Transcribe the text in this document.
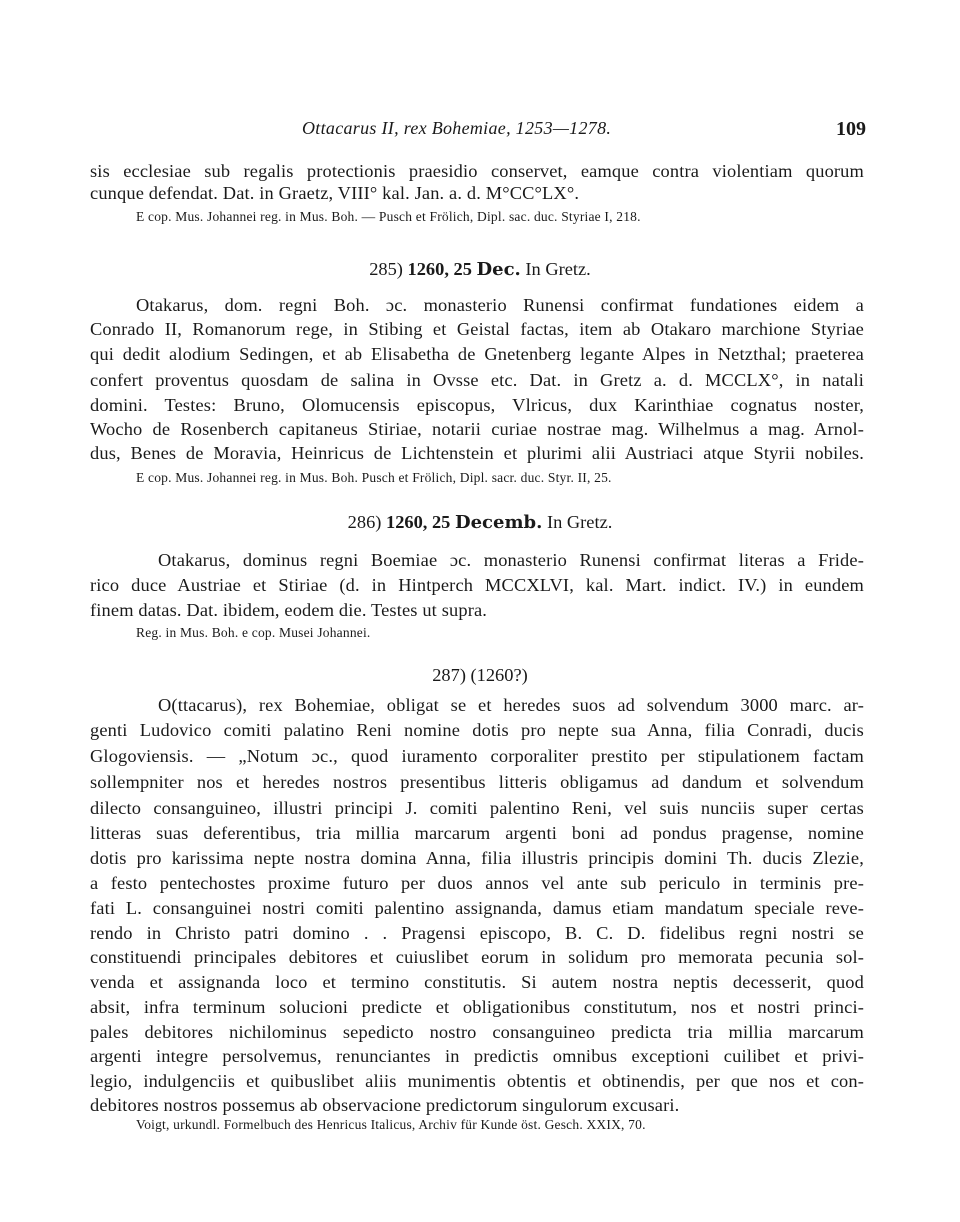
Ottacarus II, rex Bohemiae, 1253—1278.	109
sis ecclesiae sub regalis protectionis praesidio conservet, eamque contra violentiam quorum
cunque defendat. Dat. in Graetz, VIII° kal. Jan. a. d. M°CC°LX°.
E cop. Mus. Johannei reg. in Mus. Boh. — Pusch et Frölich, Dipl. sac. duc. Styriae I, 218.
285) 1260, 25 Dec. In Gretz.
Otakarus, dom. regni Boh. ɔc. monasterio Runensi confirmat fundationes eidem a
Conrado II, Romanorum rege, in Stibing et Geistal factas, item ab Otakaro marchione Styriae
qui dedit alodium Sedingen, et ab Elisabetha de Gnetenberg legante Alpes in Netzthal; praeterea
confert proventus quosdam de salina in Ovsse etc. Dat. in Gretz a. d. MCCLX°, in natali
domini. Testes: Bruno, Olomucensis episcopus, Vlricus, dux Karinthiae cognatus noster,
Wocho de Rosenberch capitaneus Stiriae, notarii curiae nostrae mag. Wilhelmus a mag. Arnol-
dus, Benes de Moravia, Heinricus de Lichtenstein et plurimi alii Austriaci atque Styrii nobiles.
E cop. Mus. Johannei reg. in Mus. Boh. Pusch et Frölich, Dipl. sacr. duc. Styr. II, 25.
286) 1260, 25 Decemb. In Gretz.
Otakarus, dominus regni Boemiae ɔc. monasterio Runensi confirmat literas a Fride-
rico duce Austriae et Stiriae (d. in Hintperch MCCXLVI, kal. Mart. indict. IV.) in eundem
finem datas. Dat. ibidem, eodem die. Testes ut supra.
Reg. in Mus. Boh. e cop. Musei Johannei.
287) (1260?)
O(ttacarus), rex Bohemiae, obligat se et heredes suos ad solvendum 3000 marc. ar-
genti Ludovico comiti palatino Reni nomine dotis pro nepte sua Anna, filia Conradi, ducis
Glogoviensis. — „Notum ɔc., quod iuramento corporaliter prestito per stipulationem factam
sollempniter nos et heredes nostros presentibus litteris obligamus ad dandum et solvendum
dilecto consanguineo, illustri principi J. comiti palentino Reni, vel suis nunciis super certas
litteras suas deferentibus, tria millia marcarum argenti boni ad pondus pragense, nomine
dotis pro karissima nepte nostra domina Anna, filia illustris principis domini Th. ducis Zlezie,
a festo pentechostes proxime futuro per duos annos vel ante sub periculo in terminis pre-
fati L. consanguinei nostri comiti palentino assignanda, damus etiam mandatum speciale reve-
rendo in Christo patri domino . . Pragensi episcopo, B. C. D. fidelibus regni nostri se
constituendi principales debitores et cuiuslibet eorum in solidum pro memorata pecunia sol-
venda et assignanda loco et termino constitutis. Si autem nostra neptis decesserit, quod
absit, infra terminum solucioni predicte et obligationibus constitutum, nos et nostri princi-
pales debitores nichilominus sepedicto nostro consanguineo predicta tria millia marcarum
argenti integre persolvemus, renunciantes in predictis omnibus exceptioni cuilibet et privi-
legio, indulgenciis et quibuslibet aliis munimentis obtentis et obtinendis, per que nos et con-
debitores nostros possemus ab observacione predictorum singulorum excusari.
Voigt, urkundl. Formelbuch des Henricus Italicus, Archiv für Kunde öst. Gesch. XXIX, 70.
